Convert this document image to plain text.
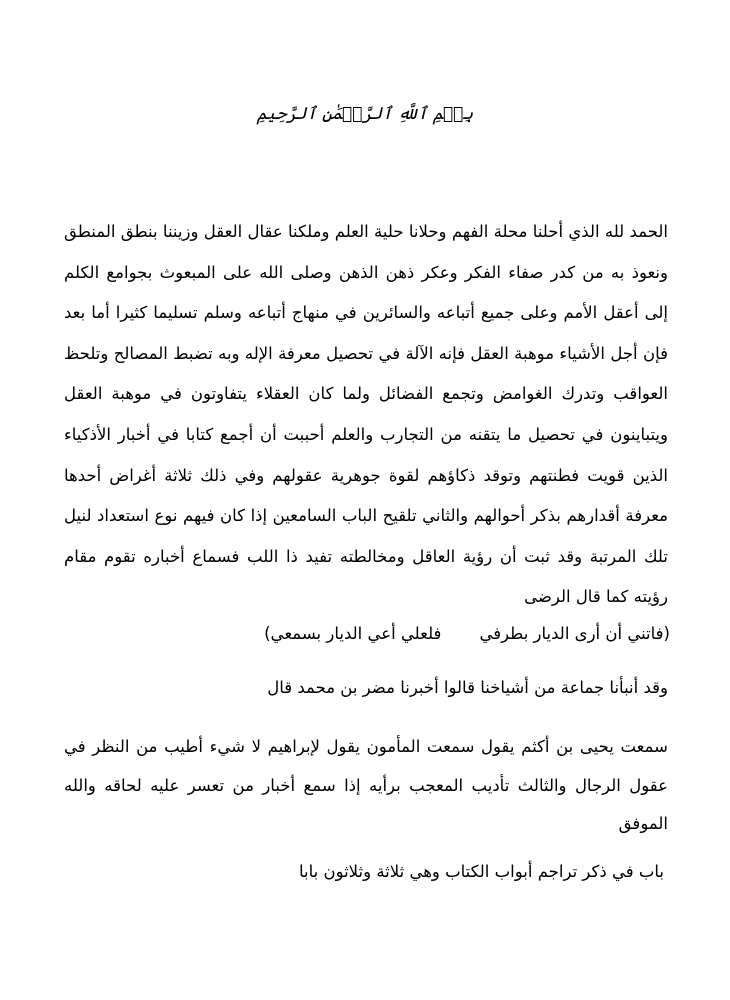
بِسۡمِ ٱللَّهِ ٱلرَّحۡمَٰنِ ٱلرَّحِيمِ

الحمد لله الذي أحلنا محلة الفهم وحلانا حلية العلم وملكنا عقال العقل وزيننا بنطق المنطق ونعوذ به من كدر صفاء الفكر وعكر ذهن الذهن وصلى الله على المبعوث بجوامع الكلم إلى أعقل الأمم وعلى جميع أتباعه والسائرين في منهاج أتباعه وسلم تسليما كثيرا أما بعد فإن أجل الأشياء موهبة العقل فإنه الآلة في تحصيل معرفة الإله وبه تضبط المصالح وتلحظ العواقب وتدرك الغوامض وتجمع الفضائل ولما كان العقلاء يتفاوتون في موهبة العقل ويتباينون في تحصيل ما يتقنه من التجارب والعلم أحببت أن أجمع كتابا في أخبار الأذكياء الذين قويت فطنتهم وتوقد ذكاؤهم لقوة جوهرية عقولهم وفي ذلك ثلاثة أغراض أحدها معرفة أقدارهم بذكر أحوالهم والثاني تلقيح الباب السامعين إذا كان فيهم نوع استعداد لنيل تلك المرتبة وقد ثبت أن رؤية العاقل ومخالطته تفيد ذا اللب فسماع أخباره تقوم مقام رؤيته كما قال الرضى

(فاتني أن أرى الديار بطرفيفلعلي أعي الديار بسمعي)

وقد أنبأنا جماعة من أشياخنا قالوا أخبرنا مضر بن محمد قال

سمعت يحيى بن أكثم يقول سمعت المأمون يقول لإبراهيم لا شيء أطيب من النظر في عقول الرجال والثالث تأديب المعجب برأيه إذا سمع أخبار من تعسر عليه لحاقه والله الموفق

باب في ذكر تراجم أبواب الكتاب وهي ثلاثة وثلاثون بابا
